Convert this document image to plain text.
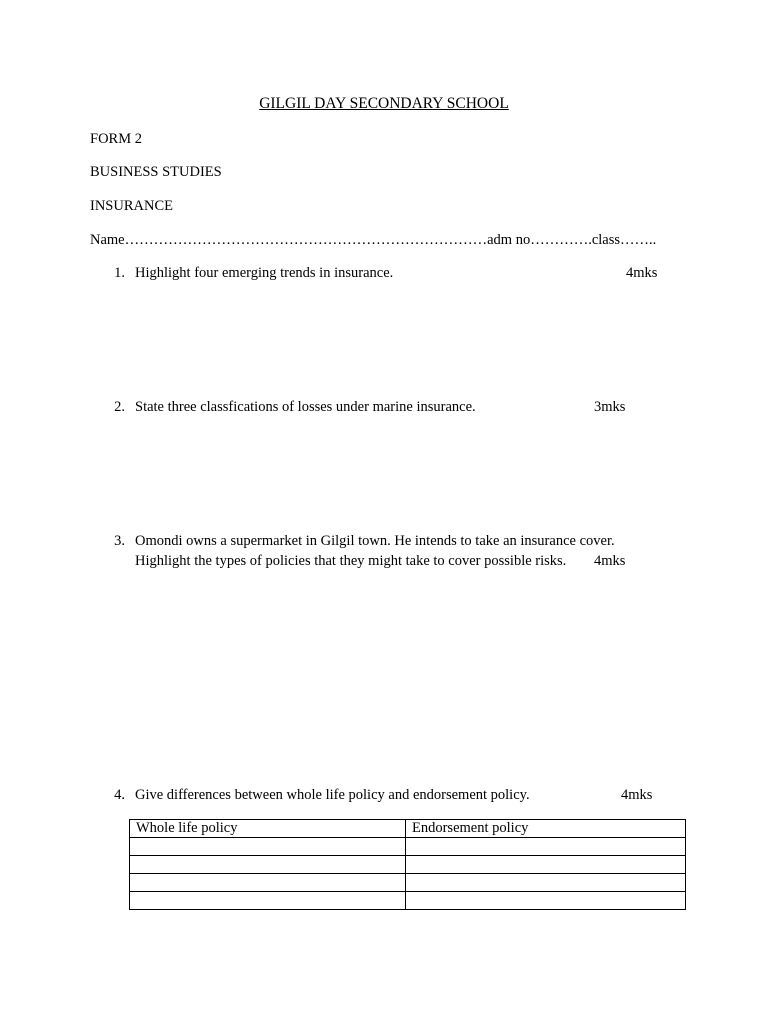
GILGIL DAY SECONDARY SCHOOL
FORM 2
BUSINESS STUDIES
INSURANCE
Name…………………………………………………………………adm no………….class……..
1. Highlight four emerging trends in insurance.	4mks
2. State three classfications of losses under marine insurance.	3mks
3. Omondi owns a supermarket in Gilgil town. He intends to take an insurance cover.
Highlight the types of policies that they might take to cover possible risks. 4mks
4. Give differences between whole life policy and endorsement policy.	4mks
Whole life policy	Endorsement policy
